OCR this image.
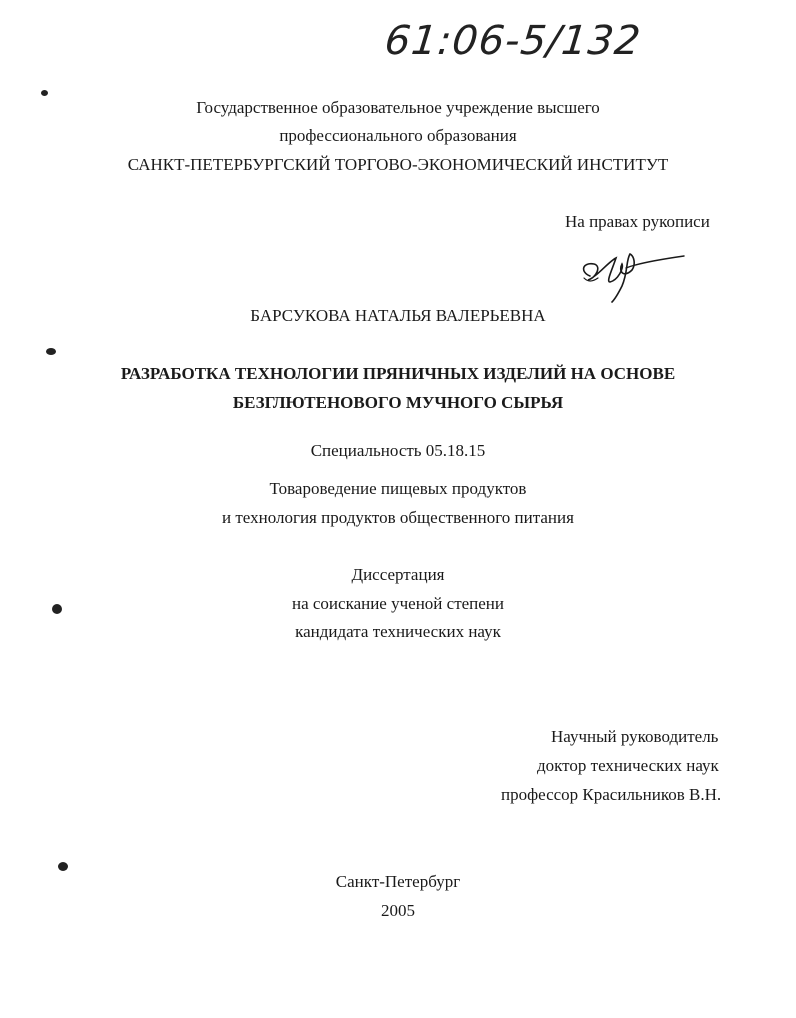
61:06-5/132
Государственное образовательное учреждение высшего
профессионального образования
САНКТ-ПЕТЕРБУРГСКИЙ ТОРГОВО-ЭКОНОМИЧЕСКИЙ ИНСТИТУТ
На правах рукописи
БАРСУКОВА НАТАЛЬЯ ВАЛЕРЬЕВНА
РАЗРАБОТКА ТЕХНОЛОГИИ ПРЯНИЧНЫХ ИЗДЕЛИЙ НА ОСНОВЕ
БЕЗГЛЮТЕНОВОГО МУЧНОГО СЫРЬЯ
Специальность 05.18.15
Товароведение пищевых продуктов
и технология продуктов общественного питания
Диссертация
на соискание ученой степени
кандидата технических наук
Научный руководитель
доктор технических наук
профессор Красильников В.Н.
Санкт-Петербург
2005
